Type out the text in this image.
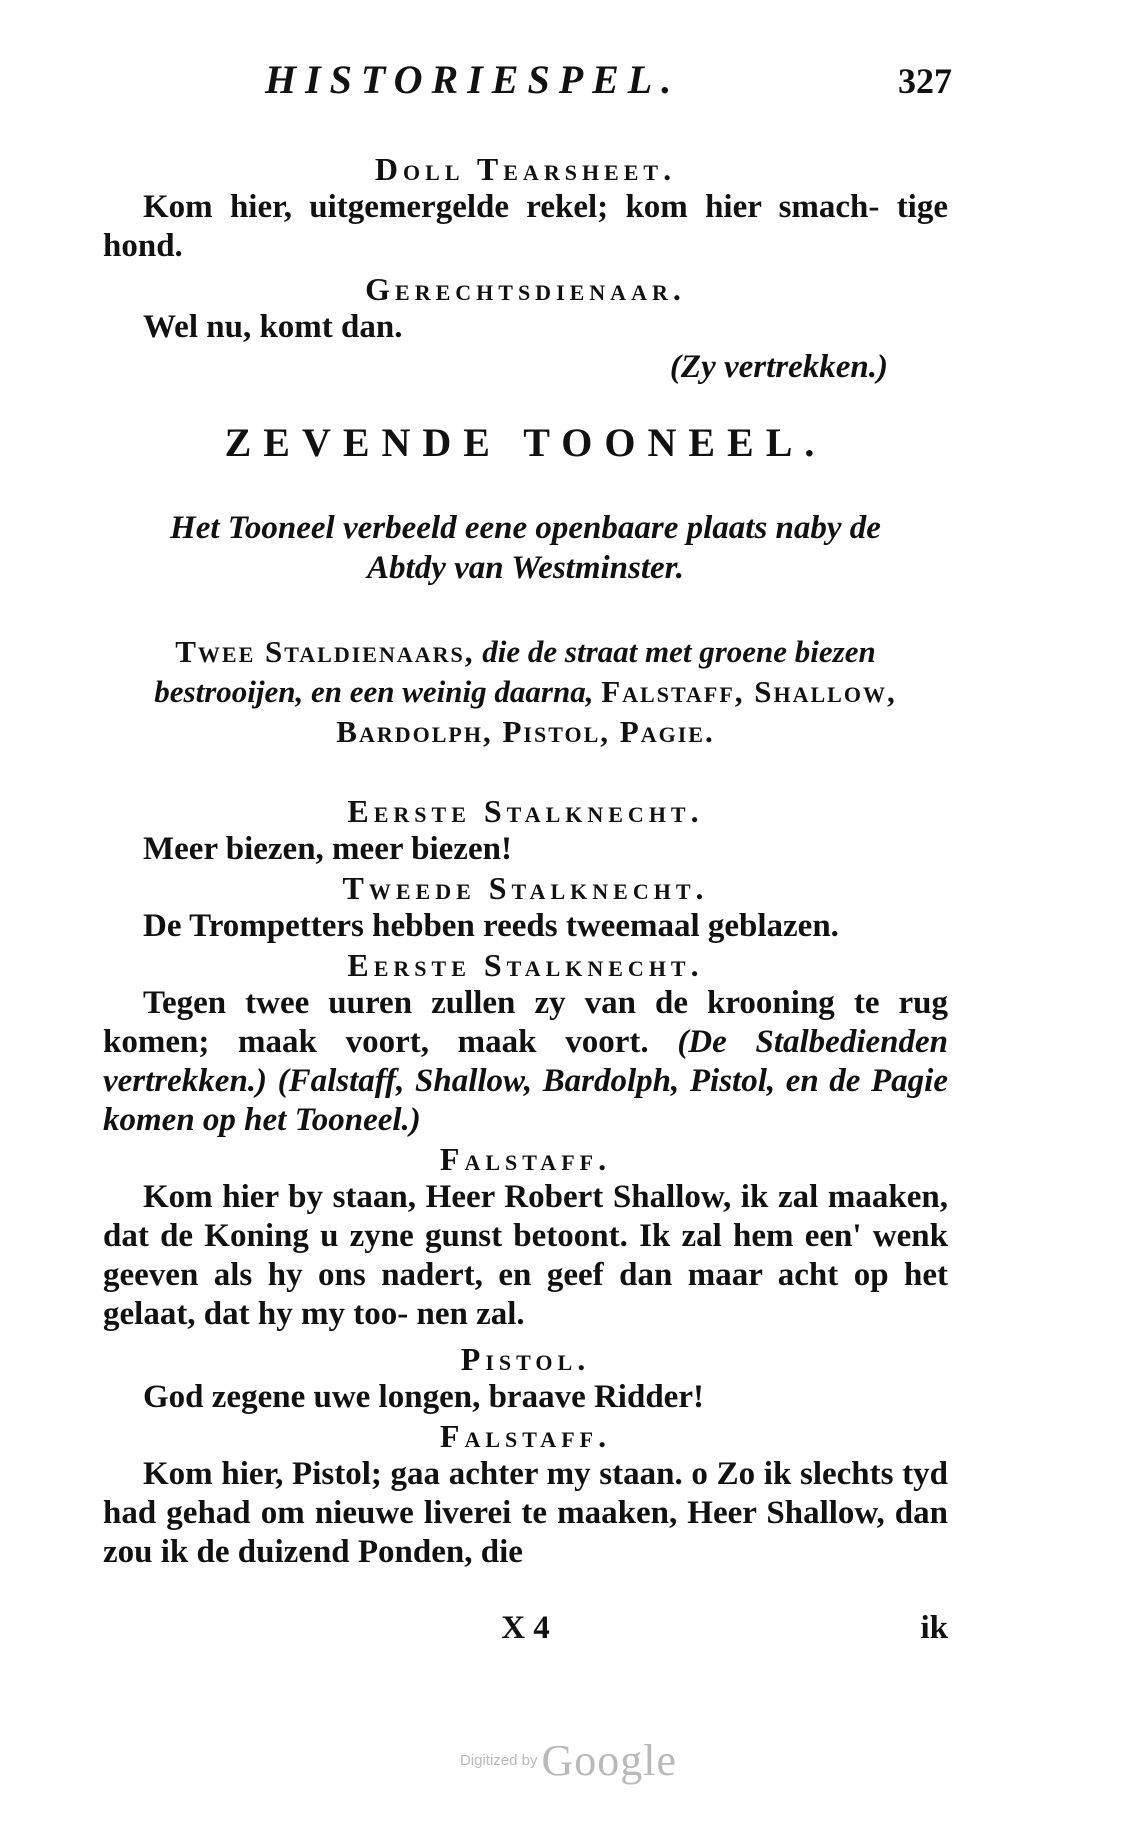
HISTORIESPEL.	327

Doll Tearsheet.

Kom hier, uitgemergelde rekel; kom hier smach- tige hond.

Gerechtsdienaar.

Wel nu, komt dan.

(Zy vertrekken.)

ZEVENDE TOONEEL.

Het Tooneel verbeeld eene openbaare plaats naby de Abtdy van Westminster.

Twee Staldienaars, die de straat met groene biezen bestrooijen, en een weinig daarna, Falstaff, Shallow, Bardolph, Pistol, Pagie.

Eerste Stalknecht.

Meer biezen, meer biezen!

Tweede Stalknecht.

De Trompetters hebben reeds tweemaal geblazen.

Eerste Stalknecht.

Tegen twee uuren zullen zy van de krooning te rug komen; maak voort, maak voort. (De Stalbedienden vertrekken.) (Falstaff, Shallow, Bardolph, Pistol, en de Pagie komen op het Tooneel.)

Falstaff.

Kom hier by staan, Heer Robert Shallow, ik zal maaken, dat de Koning u zyne gunst betoont. Ik zal hem een' wenk geeven als hy ons nadert, en geef dan maar acht op het gelaat, dat hy my too- nen zal.

Pistol.

God zegene uwe longen, braave Ridder!

Falstaff.

Kom hier, Pistol; gaa achter my staan. o Zo ik slechts tyd had gehad om nieuwe liverei te maaken, Heer Shallow, dan zou ik de duizend Ponden, die

X 4	ik
Digitized by Google
